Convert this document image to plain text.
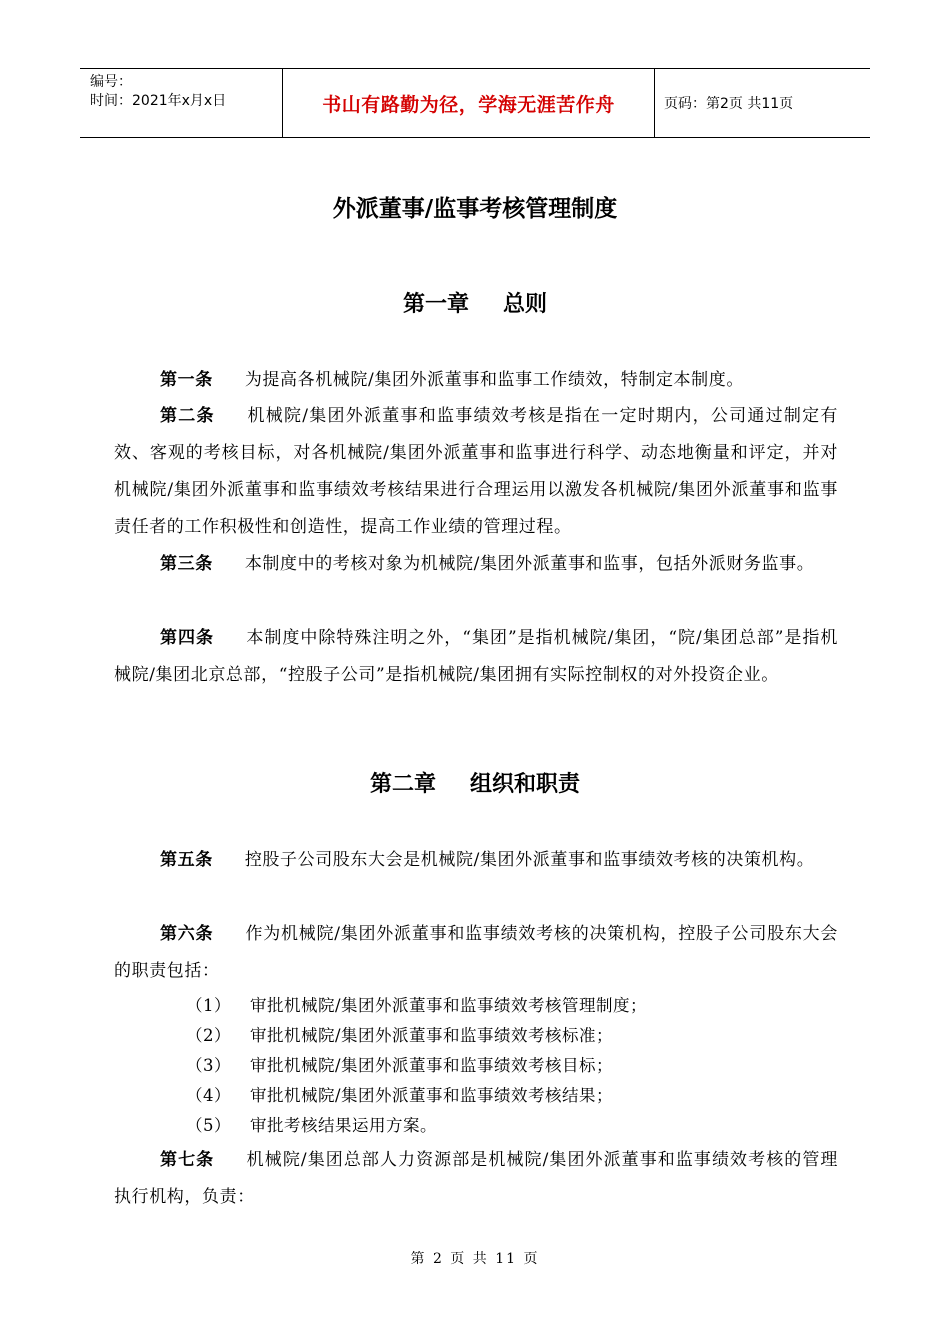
编号：
时间：2021年x月x日	书山有路勤为径，学海无涯苦作舟	页码：第2页 共11页
外派董事/监事考核管理制度
第一章 总则
第一条 为提高各机械院/集团外派董事和监事工作绩效，特制定本制度。
第二条 机械院/集团外派董事和监事绩效考核是指在一定时期内，公司通过制定有效、客观的考核目标，对各机械院/集团外派董事和监事进行科学、动态地衡量和评定，并对机械院/集团外派董事和监事绩效考核结果进行合理运用以激发各机械院/集团外派董事和监事责任者的工作积极性和创造性，提高工作业绩的管理过程。
第三条 本制度中的考核对象为机械院/集团外派董事和监事，包括外派财务监事。
第四条 本制度中除特殊注明之外，“集团”是指机械院/集团，“院/集团总部”是指机械院/集团北京总部，“控股子公司”是指机械院/集团拥有实际控制权的对外投资企业。
第二章 组织和职责
第五条 控股子公司股东大会是机械院/集团外派董事和监事绩效考核的决策机构。
第六条 作为机械院/集团外派董事和监事绩效考核的决策机构，控股子公司股东大会的职责包括：
（1） 审批机械院/集团外派董事和监事绩效考核管理制度；
（2） 审批机械院/集团外派董事和监事绩效考核标准；
（3） 审批机械院/集团外派董事和监事绩效考核目标；
（4） 审批机械院/集团外派董事和监事绩效考核结果；
（5） 审批考核结果运用方案。
第七条 机械院/集团总部人力资源部是机械院/集团外派董事和监事绩效考核的管理执行机构，负责：
第 2 页 共 11 页
